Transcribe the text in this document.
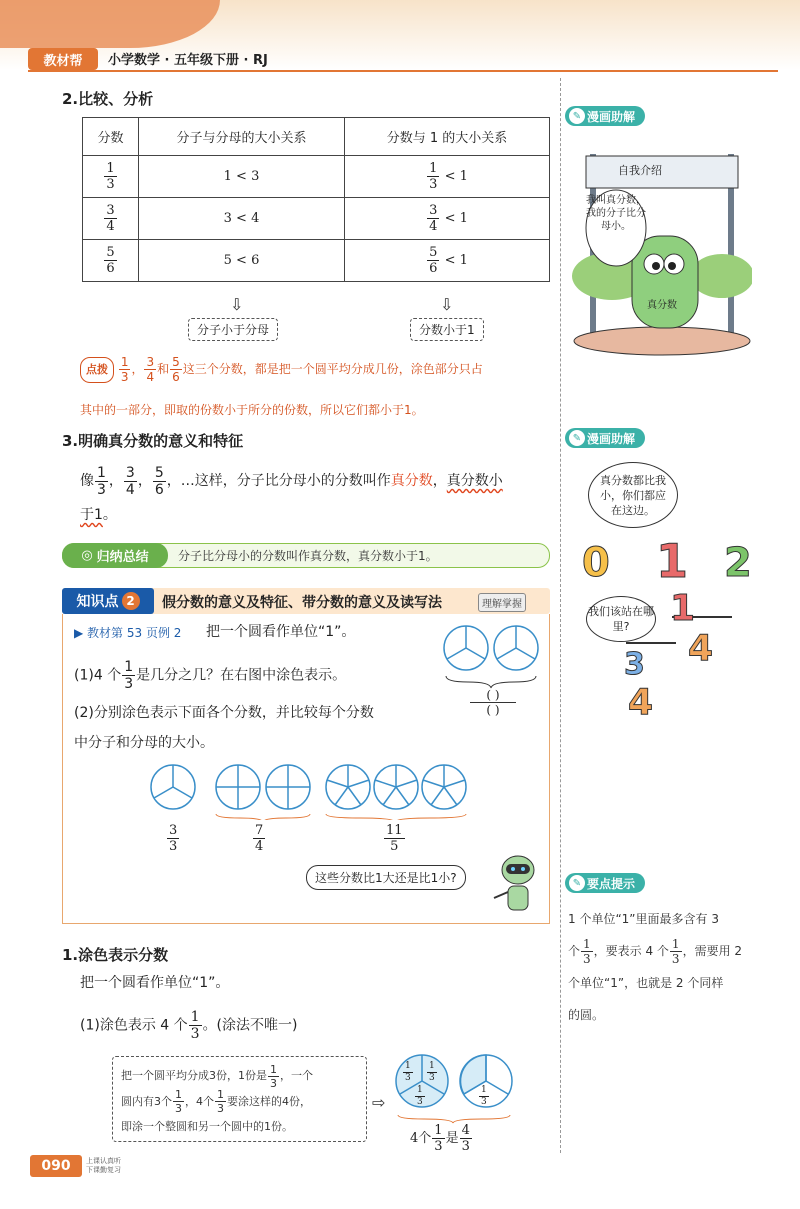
教材帮	小学数学 · 五年级下册 · RJ
2.比较、分析
分数	分子与分母的大小关系	分数与 1 的大小关系

$\frac{1}{3}$	1 < 3	$\frac{1}{3} < 1$

$\frac{3}{4}$	3 < 4	$\frac{3}{4} < 1$

$\frac{5}{6}$	5 < 6	$\frac{5}{6} < 1$
⇩	⇩
分子小于分母	分数小于1
点拨 $\frac{1}{3}$ ， $\frac{3}{4}$ 和 $\frac{5}{6}$ 这三个分数，都是把一个圆平均分成几份，涂色部分只占
其中的一部分，即取的份数小于所分的份数，所以它们都小于1。
3.明确真分数的意义和特征
像 $\frac{1}{3}$ ， $\frac{3}{4}$ ， $\frac{5}{6}$ ，…这样，分子比分母小的分数叫作真分数，真分数小
于1。
◎ 归纳总结 分子比分母小的分数叫作真分数，真分数小于1。
知识点 2	假分数的意义及特征、带分数的意义及读写法	理解掌握
▶ 教材第 53 页例 2 把一个圆看作单位“1”。
(1)4 个 $\frac{1}{3}$ 是几分之几？在右图中涂色表示。
( )
( )
(2)分别涂色表示下面各个分数，并比较每个分数
中分子和分母的大小。
$\frac{3}{3}$	$\frac{7}{4}$	$\frac{11}{5}$
这些分数比1大还是比1小?
1.涂色表示分数
把一个圆看作单位“1”。
(1)涂色表示 4 个 $\frac{1}{3}$ 。(涂法不唯一)
把一个圆平均分成3份，1份是 $\frac{1}{3}$ ，一个
圆内有3个 $\frac{1}{3}$ ，4个 $\frac{1}{3}$ 要涂这样的4份，
即涂一个整圆和另一个圆中的1份。
⇨
$\frac{1}{3} \frac{1}{3}$
$\frac{1}{3}$	$\frac{1}{3}$
4个 $\frac{1}{3}$ 是 $\frac{4}{3}$
✎ 漫画助解
自我介绍
我叫真分数，我的分子比分母小。
真分数
✎ 漫画助解
真分数都比我小，你们都应在这边。
0 1 2
我们该站在哪里?	1
4
3
4
✎ 要点提示
1 个单位“1”里面最多含有 3
个 $\frac{1}{3}$ ，要表示 4 个 $\frac{1}{3}$ ，需要用 2
个单位“1”，也就是 2 个同样
的圆。
090	上课认真听 下课勤复习
